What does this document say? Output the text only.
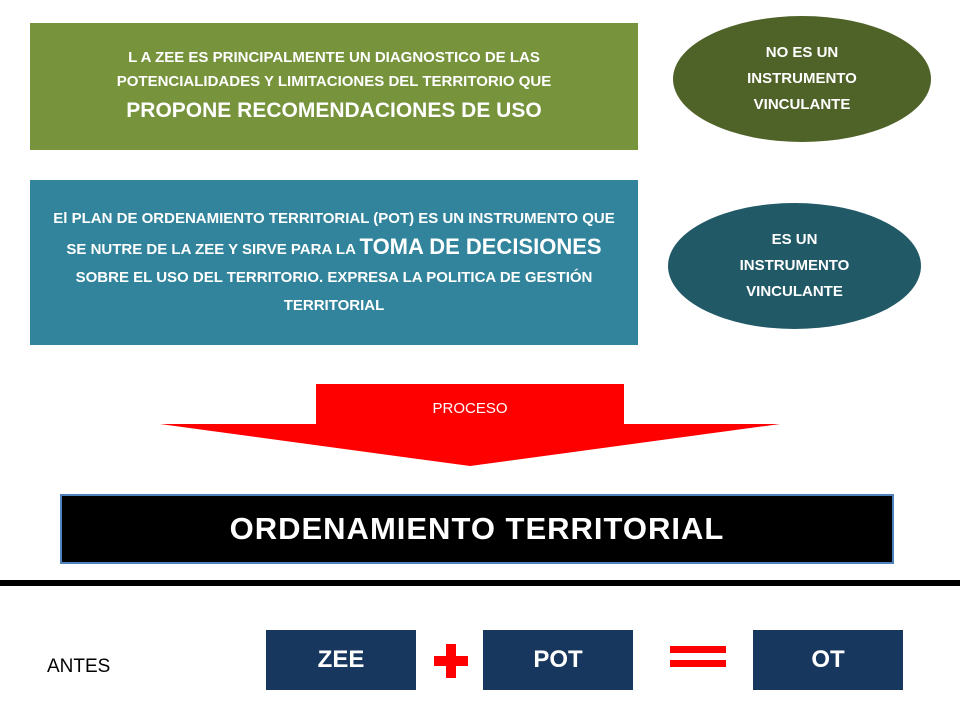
L A ZEE ES PRINCIPALMENTE UN DIAGNOSTICO DE LAS
POTENCIALIDADES Y LIMITACIONES DEL TERRITORIO QUE
PROPONE RECOMENDACIONES DE USO
El PLAN DE ORDENAMIENTO TERRITORIAL (POT) ES UN INSTRUMENTO QUE SE NUTRE DE LA ZEE Y SIRVE PARA LA TOMA DE DECISIONES SOBRE EL USO DEL TERRITORIO. EXPRESA LA POLITICA DE GESTIÓN TERRITORIAL
NO ES UN INSTRUMENTO VINCULANTE
ES UN INSTRUMENTO VINCULANTE
PROCESO
ORDENAMIENTO TERRITORIAL
ANTES	ZEE	POT	OT
